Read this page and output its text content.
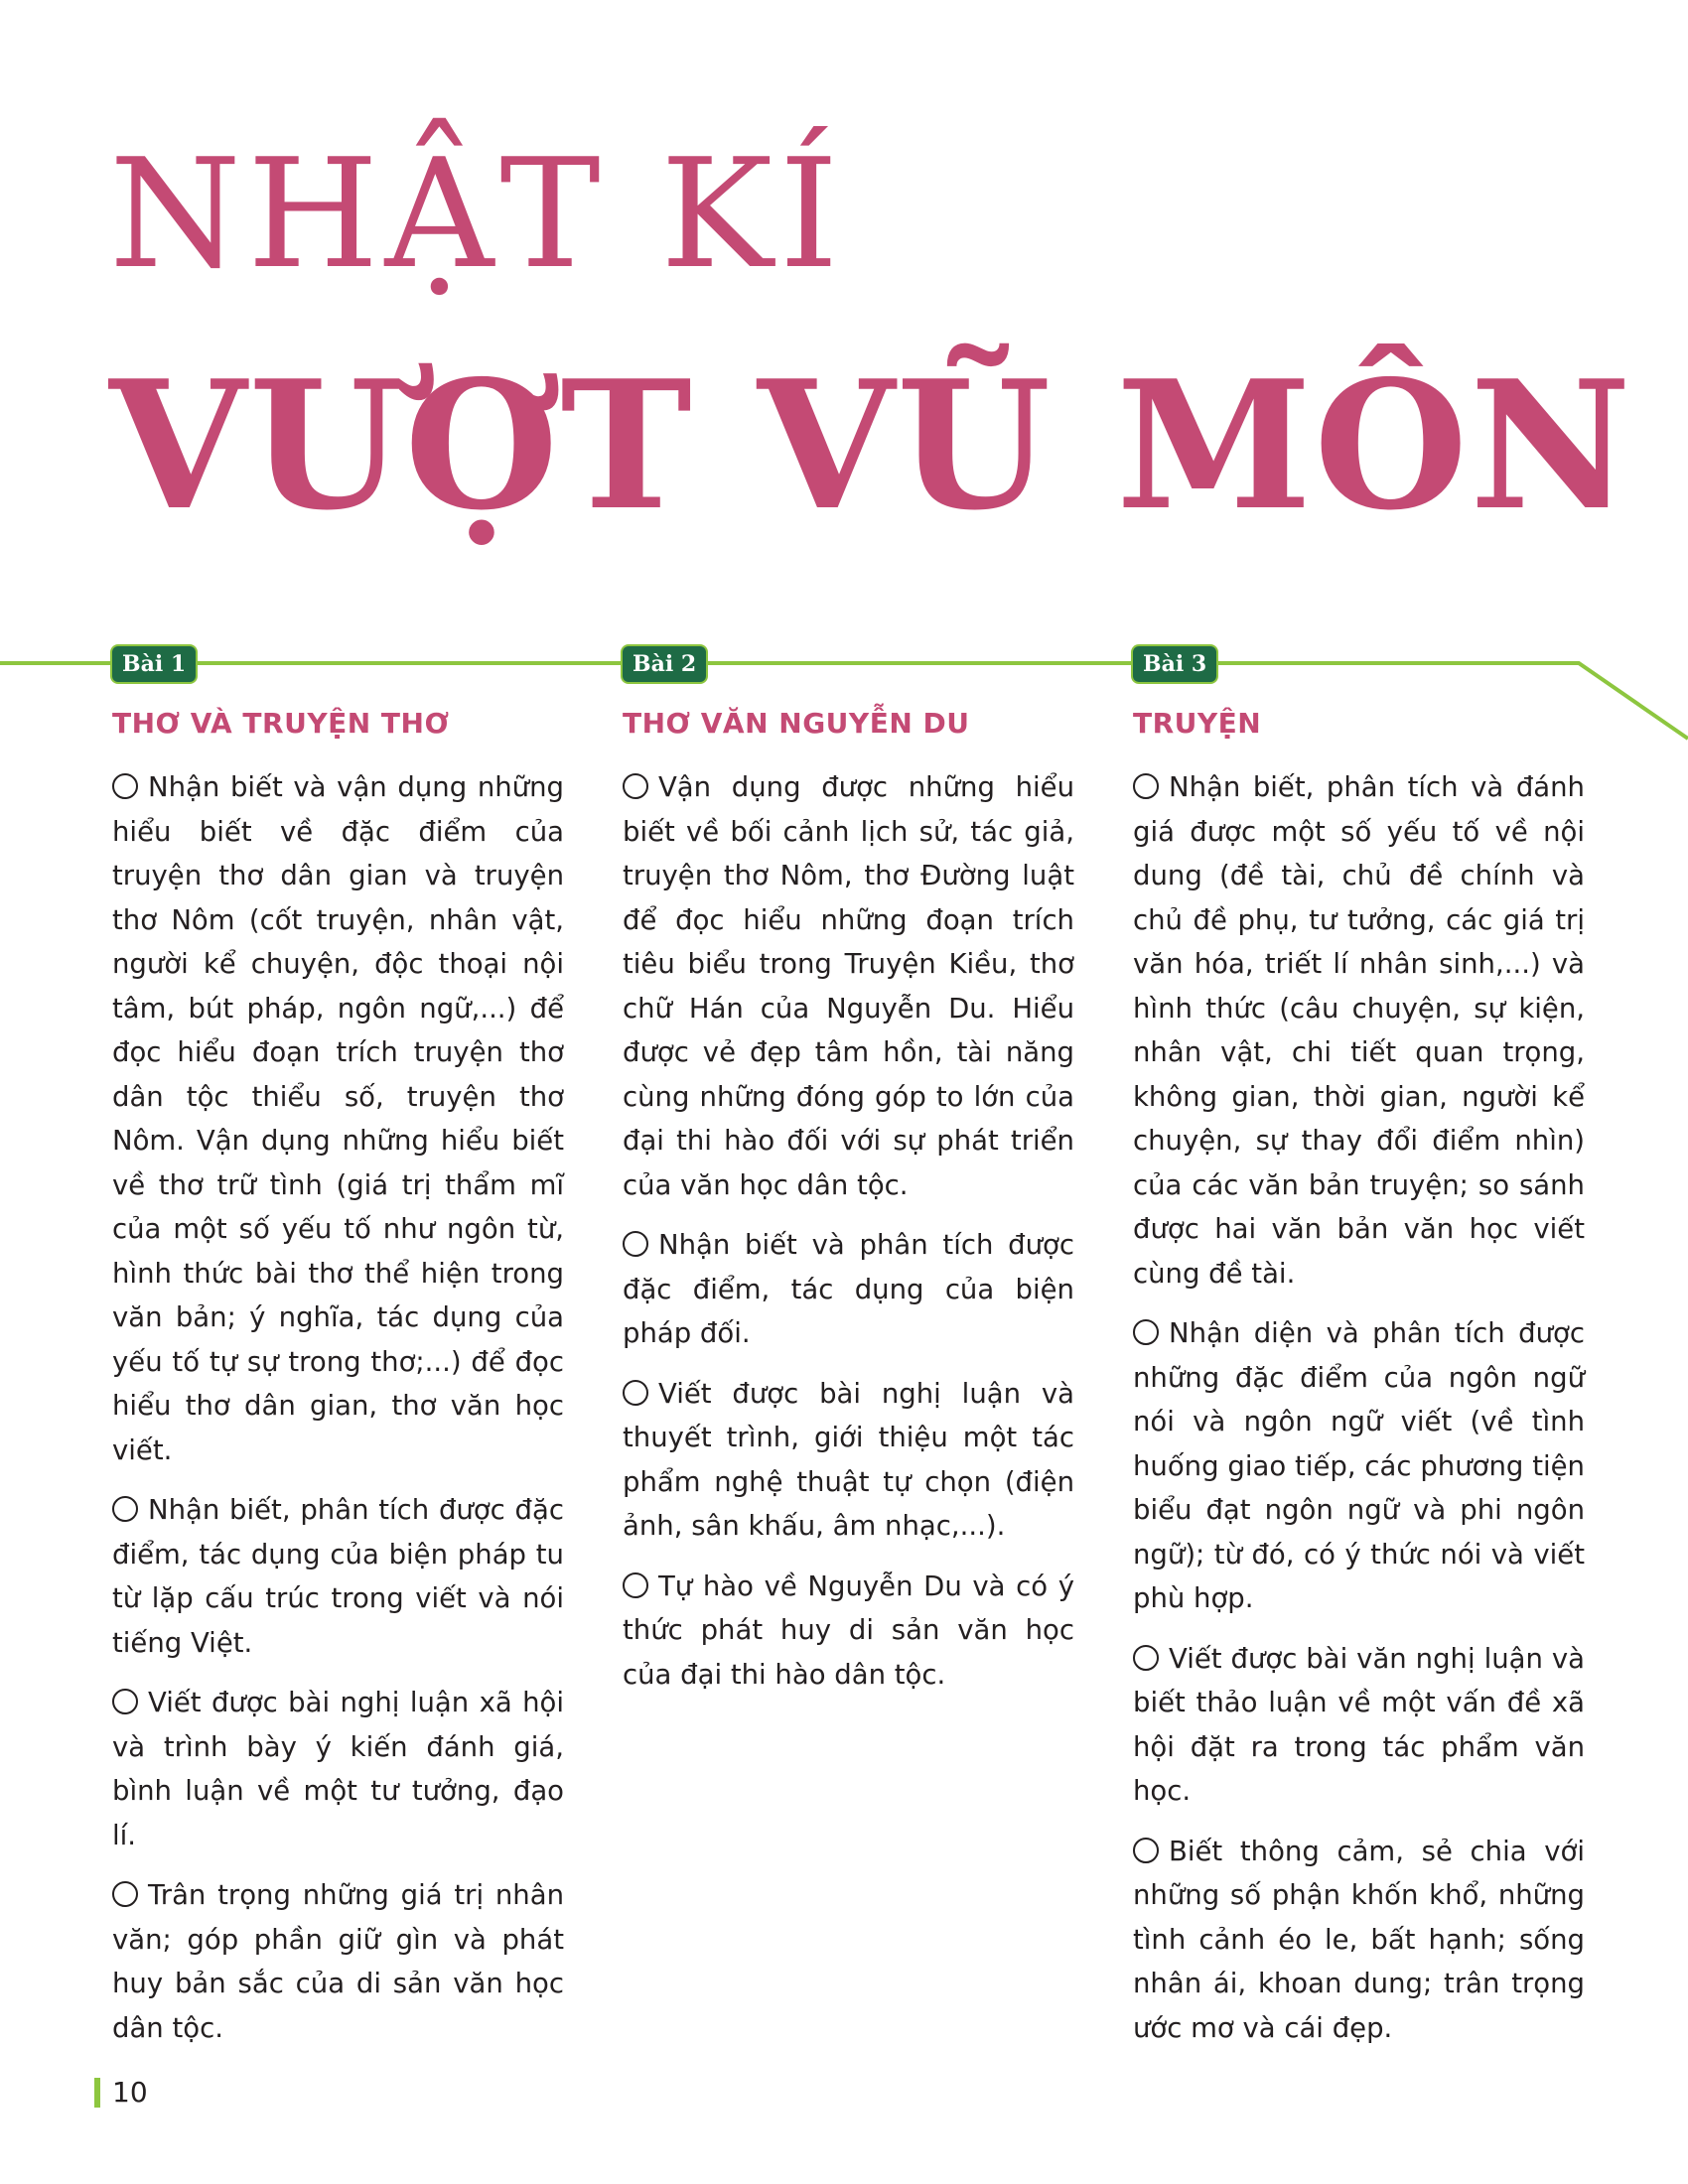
NHẬT KÍ
VƯỢT VŨ MÔN
Bài 1	Bài 2	Bài 3
THƠ VÀ TRUYỆN THƠ

Nhận biết và vận dụng những hiểu biết về đặc điểm của truyện thơ dân gian và truyện thơ Nôm (cốt truyện, nhân vật, người kể chuyện, độc thoại nội tâm, bút pháp, ngôn ngữ,...) để đọc hiểu đoạn trích truyện thơ dân tộc thiểu số, truyện thơ Nôm. Vận dụng những hiểu biết về thơ trữ tình (giá trị thẩm mĩ của một số yếu tố như ngôn từ, hình thức bài thơ thể hiện trong văn bản; ý nghĩa, tác dụng của yếu tố tự sự trong thơ;...) để đọc hiểu thơ dân gian, thơ văn học viết.

Nhận biết, phân tích được đặc điểm, tác dụng của biện pháp tu từ lặp cấu trúc trong viết và nói tiếng Việt.

Viết được bài nghị luận xã hội và trình bày ý kiến đánh giá, bình luận về một tư tưởng, đạo lí.

Trân trọng những giá trị nhân văn; góp phần giữ gìn và phát huy bản sắc của di sản văn học dân tộc.

THƠ VĂN NGUYỄN DU

Vận dụng được những hiểu biết về bối cảnh lịch sử, tác giả, truyện thơ Nôm, thơ Đường luật để đọc hiểu những đoạn trích tiêu biểu trong Truyện Kiều, thơ chữ Hán của Nguyễn Du. Hiểu được vẻ đẹp tâm hồn, tài năng cùng những đóng góp to lớn của đại thi hào đối với sự phát triển của văn học dân tộc.

Nhận biết và phân tích được đặc điểm, tác dụng của biện pháp đối.

Viết được bài nghị luận và thuyết trình, giới thiệu một tác phẩm nghệ thuật tự chọn (điện ảnh, sân khấu, âm nhạc,...).

Tự hào về Nguyễn Du và có ý thức phát huy di sản văn học của đại thi hào dân tộc.

TRUYỆN

Nhận biết, phân tích và đánh giá được một số yếu tố về nội dung (đề tài, chủ đề chính và chủ đề phụ, tư tưởng, các giá trị văn hóa, triết lí nhân sinh,...) và hình thức (câu chuyện, sự kiện, nhân vật, chi tiết quan trọng, không gian, thời gian, người kể chuyện, sự thay đổi điểm nhìn) của các văn bản truyện; so sánh được hai văn bản văn học viết cùng đề tài.

Nhận diện và phân tích được những đặc điểm của ngôn ngữ nói và ngôn ngữ viết (về tình huống giao tiếp, các phương tiện biểu đạt ngôn ngữ và phi ngôn ngữ); từ đó, có ý thức nói và viết phù hợp.

Viết được bài văn nghị luận và biết thảo luận về một vấn đề xã hội đặt ra trong tác phẩm văn học.

Biết thông cảm, sẻ chia với những số phận khốn khổ, những tình cảnh éo le, bất hạnh; sống nhân ái, khoan dung; trân trọng ước mơ và cái đẹp.

10
